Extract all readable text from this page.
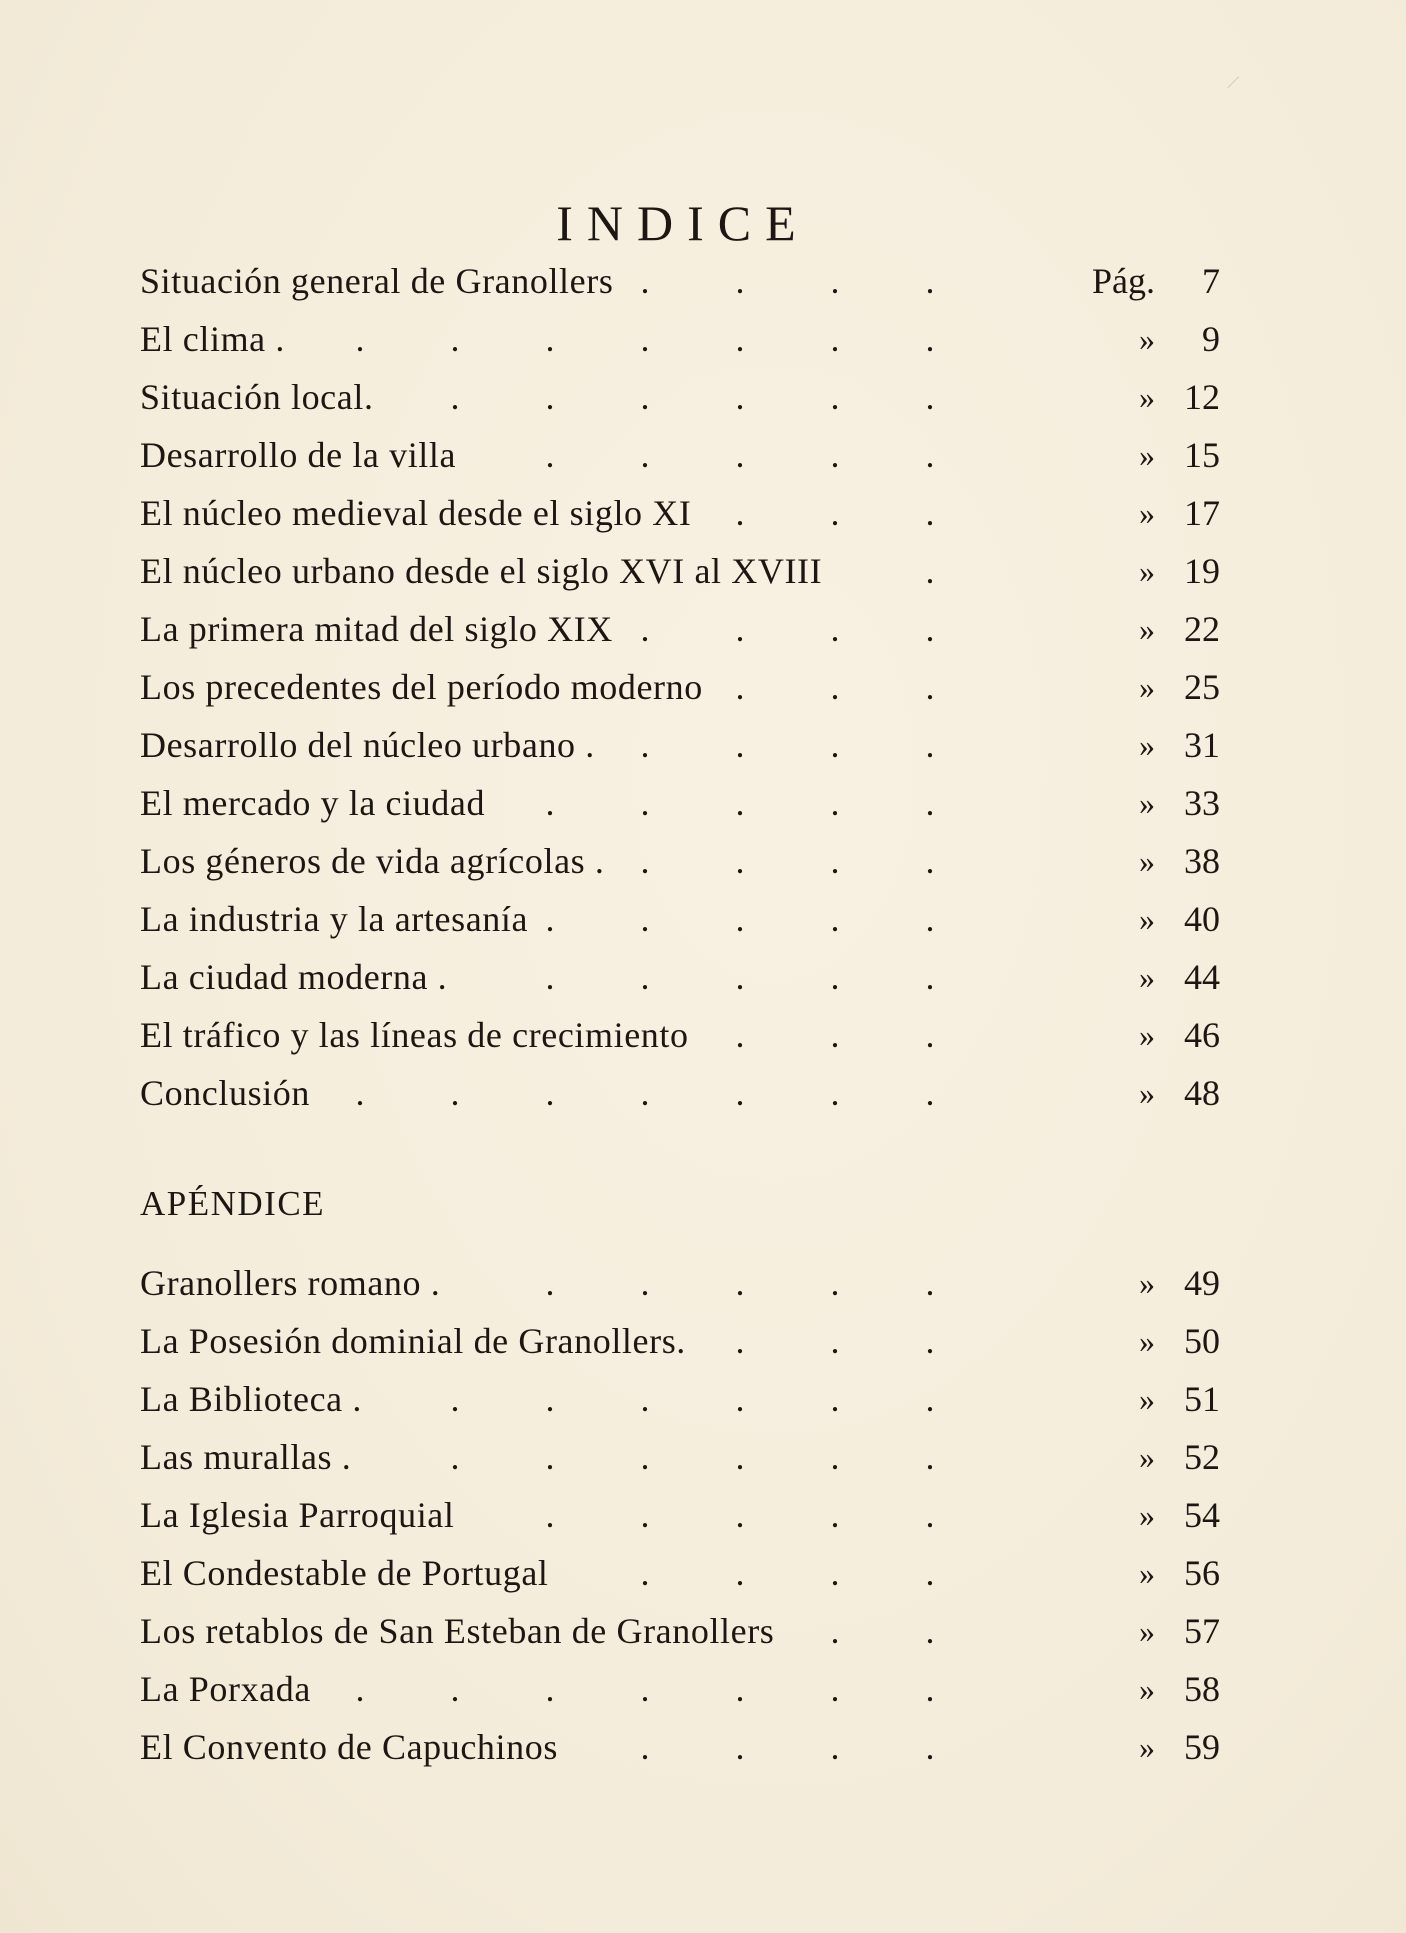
INDICE
Situación general de Granollers . . . .	Pág.	7
El clima . . . . . . . .	»	9
Situación local. . . . . . .	» 12
Desarrollo de la villa . . . . .	» 15
El núcleo medieval desde el siglo XI . . .	» 17
El núcleo urbano desde el siglo XVI al XVIII	.	» 19
La primera mitad del siglo XIX . . . .	» 22
Los precedentes del período moderno . . .	» 25
Desarrollo del núcleo urbano . . . . .	» 31
El mercado y la ciudad . . . . .	» 33
Los géneros de vida agrícolas . . . . .	» 38
La industria y la artesanía . . . . .	» 40
La ciudad moderna .	. . . . .	» 44
El tráfico y las líneas de crecimiento . . .	» 46
Conclusión . . . . . . .	» 48
APÉNDICE
Granollers romano .	. . . . .	» 49
La Posesión dominial de Granollers. . . .	» 50
La Biblioteca . . . . . . .	» 51
Las murallas .	. . . . . .	» 52
La Iglesia Parroquial	. . . . .	» 54
El Condestable de Portugal	. . . .	» 56
Los retablos de San Esteban de Granollers . .	» 57
La Porxada . . . . . . .	» 58
El Convento de Capuchinos . . . .	» 59
